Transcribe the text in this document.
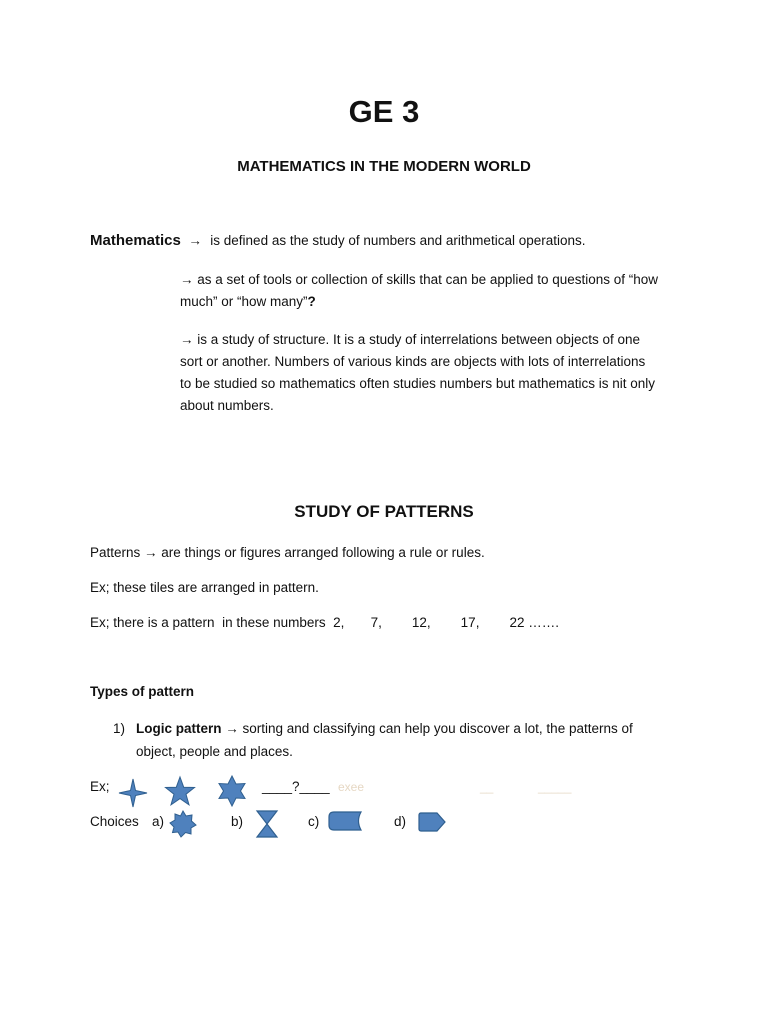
GE 3
MATHEMATICS IN THE MODERN WORLD
Mathematics → is defined as the study of numbers and arithmetical operations.
→ as a set of tools or collection of skills that can be applied to questions of “how
much” or “how many”?
→ is a study of structure. It is a study of interrelations between objects of one
sort or another. Numbers of various kinds are objects with lots of interrelations
to be studied so mathematics often studies numbers but mathematics is nit only
about numbers.
STUDY OF PATTERNS
Patterns → are things or figures arranged following a rule or rules.
Ex; these tiles are arranged in pattern.
Ex; there is a pattern  in these numbers  2,       7,        12,        17,        22 …….
Types of pattern
1) Logic pattern → sorting and classifying can help you discover a lot, the patterns of
object, people and places.
Ex;	____?____ exee	__	_____
Choices a)	b)	c)	d)
